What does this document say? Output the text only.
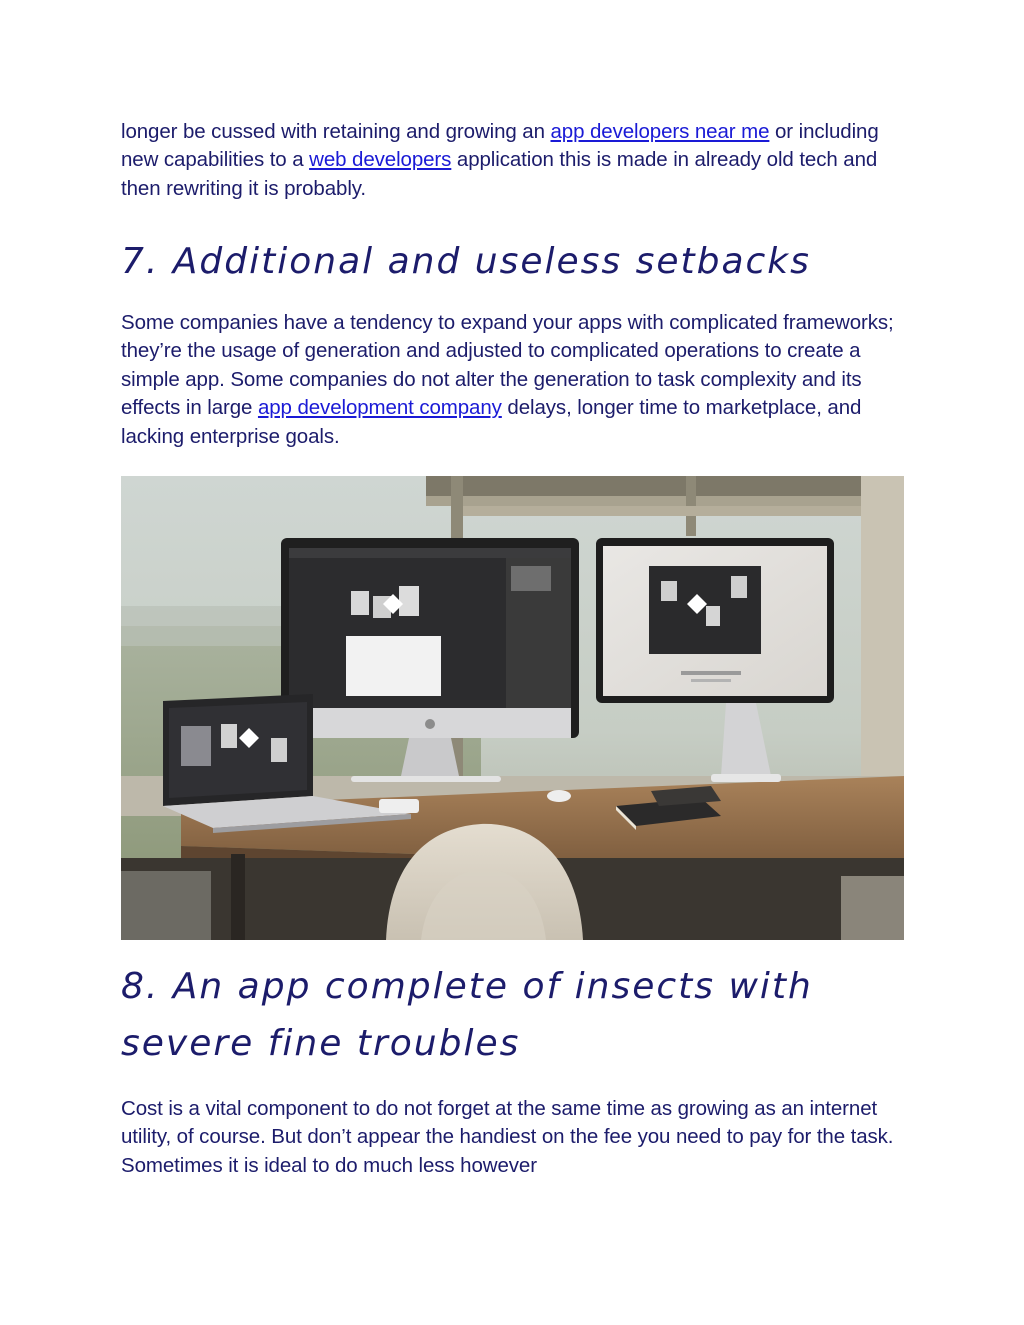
longer be cussed with retaining and growing an app developers near me or including new capabilities to a web developers application this is made in already old tech and then rewriting it is probably.

7. Additional and useless setbacks

Some companies have a tendency to expand your apps with complicated frameworks; they’re the usage of generation and adjusted to complicated operations to create a simple app. Some companies do not alter the generation to task complexity and its effects in large app development company delays, longer time to marketplace, and lacking enterprise goals.

8. An app complete of insects with severe fine troubles

Cost is a vital component to do not forget at the same time as growing as an internet utility, of course. But don’t appear the handiest on the fee you need to pay for the task. Sometimes it is ideal to do much less however
